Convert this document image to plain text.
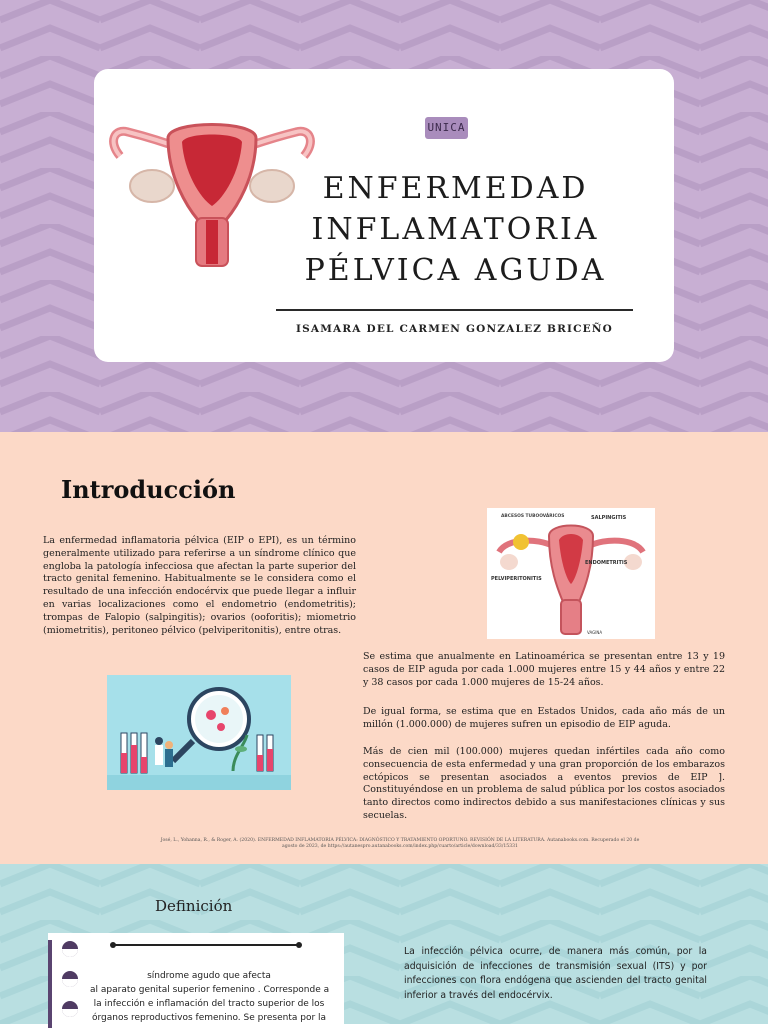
UNICA
ENFERMEDAD
INFLAMATORIA
PÉLVICA AGUDA
ISAMARA DEL CARMEN GONZALEZ BRICEÑO
Introducción
La enfermedad inflamatoria pélvica (EIP o EPI), es un término generalmente utilizado para referirse a un síndrome clínico que engloba la patología infecciosa que afectan la parte superior del tracto genital femenino. Habitualmente se le considera como el resultado de una infección endocérvix que puede llegar a influir en varias localizaciones como el endometrio (endometritis); trompas de Falopio (salpingitis); ovarios (ooforitis); miometrio (miometritis), peritoneo pélvico (pelviperitonitis), entre otras.
ABCESOS TUBOOVÁRICOS	SALPINGITIS
ENDOMETRITIS
PELVIPERITONITIS
VAGINA

Se estima que anualmente en Latinoamérica se presentan entre 13 y 19 casos de EIP aguda por cada 1.000 mujeres entre 15 y 44 años y entre 22 y 38 casos por cada 1.000 mujeres de 15-24 años.

De igual forma, se estima que en Estados Unidos, cada año más de un millón (1.000.000) de mujeres sufren un episodio de EIP aguda.

Más de cien mil (100.000) mujeres quedan infértiles cada año como consecuencia de esta enfermedad y una gran proporción de los embarazos ectópicos se presentan asociados a eventos previos de EIP ]. Constituyéndose en un problema de salud pública por los costos asociados tanto directos como indirectos debido a sus manifestaciones clínicas y sus secuelas.

José, L., Yohanna, R., & Roger, A. (2020). ENFERMEDAD INFLAMATORIA PÉLVICA: DIAGNÓSTICO Y TRATAMIENTO OPORTUNO. REVISIÓN DE LA LITERATURA. Autanabooks.com. Recuperado el 20 de agosto de 2023, de https://autanespro.autanabooks.com/index.php/cuarto/article/download/33/15331
Definición
síndrome agudo que afecta
al aparato genital superior femenino . Corresponde a
la infección e inflamación del tracto superior de los
órganos reproductivos femenino. Se presenta por la
La infección pélvica ocurre, de manera más común, por la adquisición de infecciones de transmisión sexual (ITS) y por infecciones con flora endógena que ascienden del tracto genital inferior a través del endocérvix.
